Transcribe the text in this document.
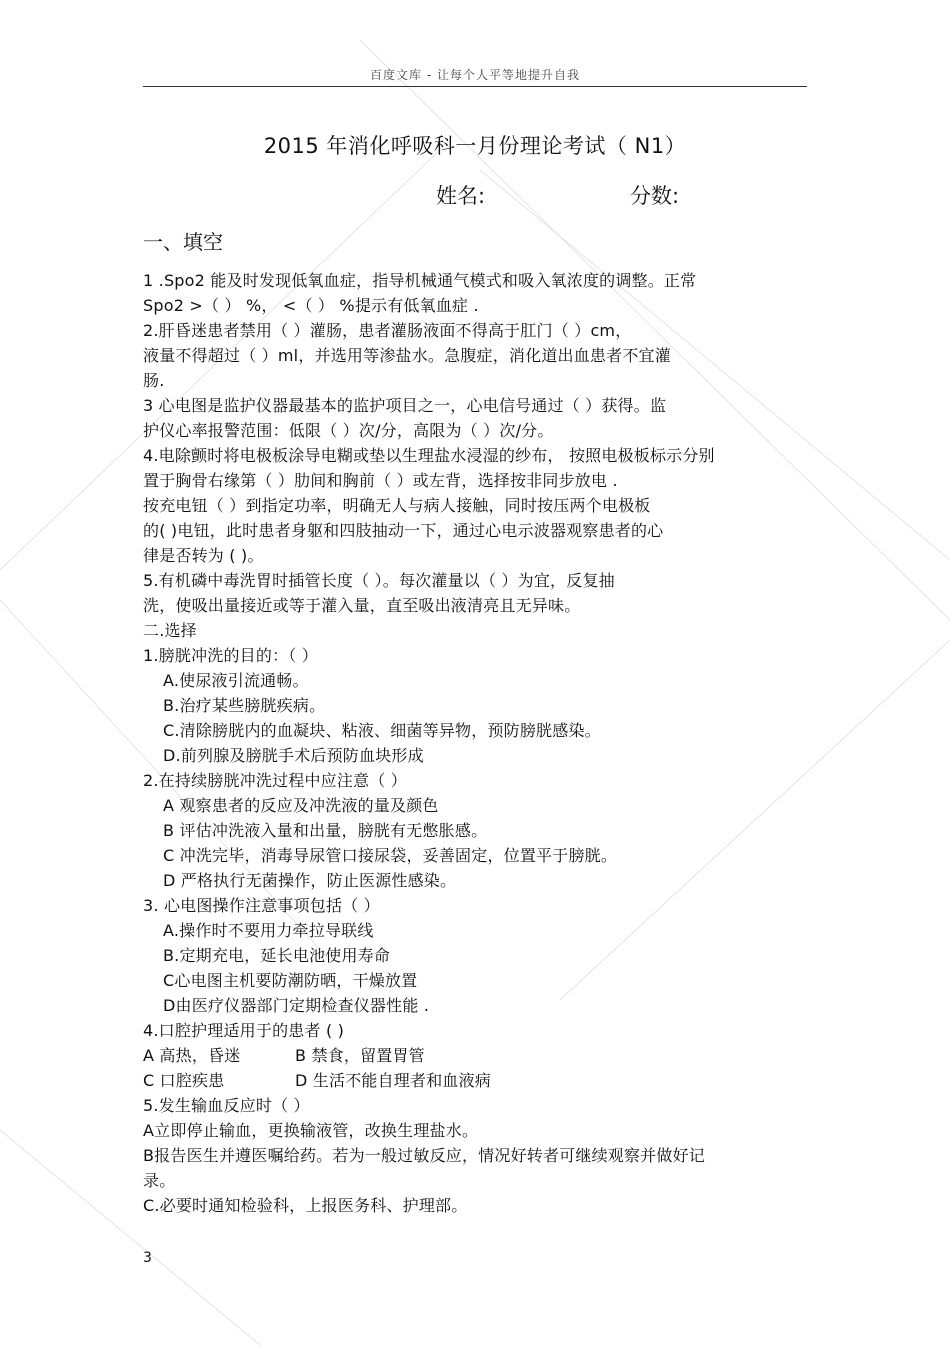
百度文库 - 让每个人平等地提升自我
2015 年消化呼吸科一月份理论考试（ N1）
姓名:	分数:
一、填空
1 .Spo2 能及时发现低氧血症，指导机械通气模式和吸入氧浓度的调整。正常
Spo2 >（ ） %， <（ ） %提示有低氧血症 .
2.肝昏迷患者禁用（ ）灌肠，患者灌肠液面不得高于肛门（ ）cm，
液量不得超过（ ）ml，并选用等渗盐水。急腹症，消化道出血患者不宜灌
肠.
3 心电图是监护仪器最基本的监护项目之一，心电信号通过（ ）获得。监
护仪心率报警范围：低限（ ）次/分，高限为（ ）次/分。
4.电除颤时将电极板涂导电糊或垫以生理盐水浸湿的纱布， 按照电极板标示分别
置于胸骨右缘第（ ）肋间和胸前（ ）或左背，选择按非同步放电 .
按充电钮（ ）到指定功率，明确无人与病人接触，同时按压两个电极板
的( )电钮，此时患者身躯和四肢抽动一下，通过心电示波器观察患者的心
律是否转为 ( )。
5.有机磷中毒洗胃时插管长度（ ）。每次灌量以（ ）为宜，反复抽
洗，使吸出量接近或等于灌入量，直至吸出液清亮且无异味。
二.选择
1.膀胱冲洗的目的：（ ）
A.使尿液引流通畅。
B.治疗某些膀胱疾病。
C.清除膀胱内的血凝块、粘液、细菌等异物，预防膀胱感染。
D.前列腺及膀胱手术后预防血块形成
2.在持续膀胱冲洗过程中应注意（ ）
A 观察患者的反应及冲洗液的量及颜色
B 评估冲洗液入量和出量，膀胱有无憋胀感。
C 冲洗完毕，消毒导尿管口接尿袋，妥善固定，位置平于膀胱。
D 严格执行无菌操作，防止医源性感染。
3. 心电图操作注意事项包括（ ）
A.操作时不要用力牵拉导联线
B.定期充电，延长电池使用寿命
C心电图主机要防潮防晒，干燥放置
D由医疗仪器部门定期检查仪器性能 .
4.口腔护理适用于的患者 ( )
A 高热，昏迷	B 禁食，留置胃管
C 口腔疾患	D 生活不能自理者和血液病
5.发生输血反应时（ ）
A立即停止输血，更换输液管，改换生理盐水。
B报告医生并遵医嘱给药。若为一般过敏反应，情况好转者可继续观察并做好记
录。
C.必要时通知检验科，上报医务科、护理部。
3
